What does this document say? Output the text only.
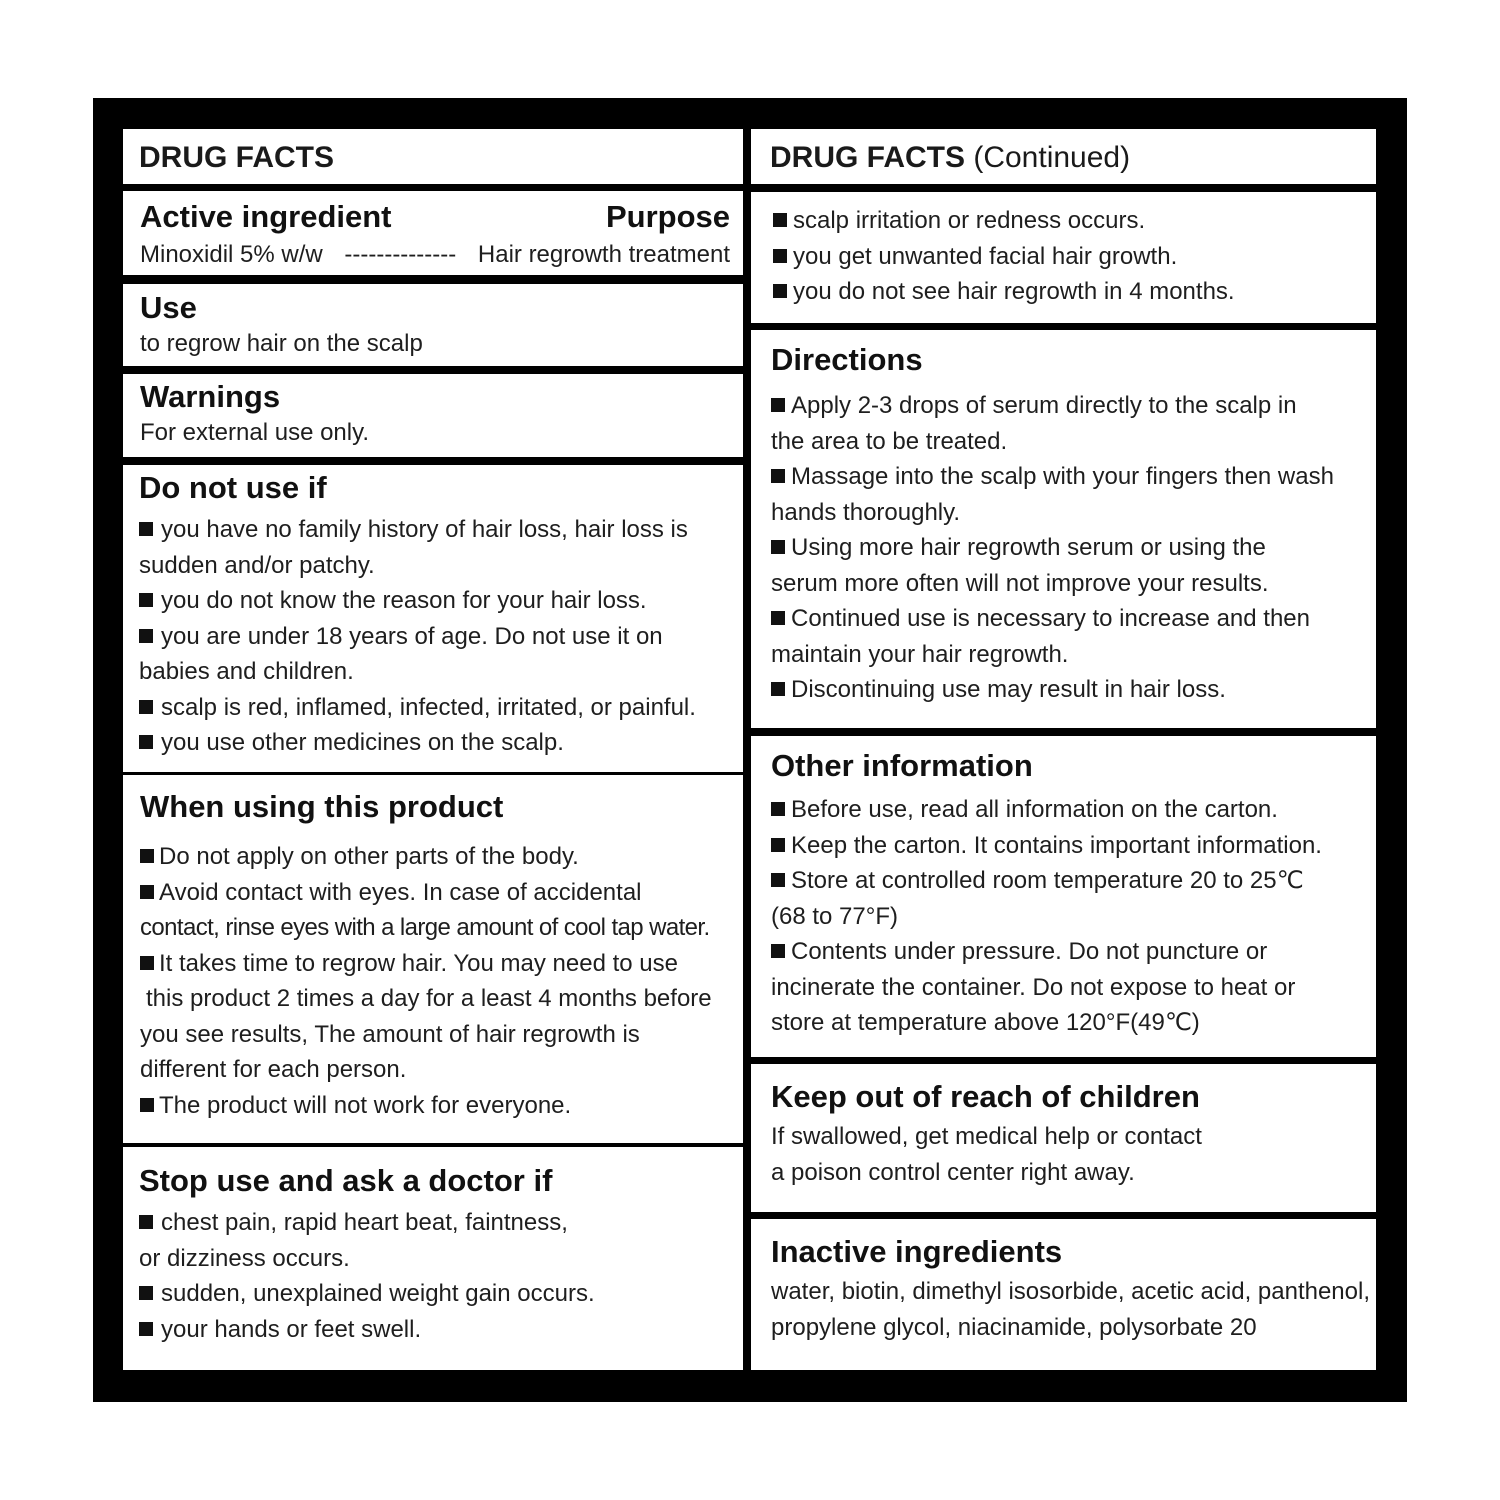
DRUG FACTS
Active ingredient	Purpose
Minoxidil 5% w/w -------------- Hair regrowth treatment
Use
to regrow hair on the scalp
Warnings
For external use only.
Do not use if

you have no family history of hair loss, hair loss is

sudden and/or patchy.

you do not know the reason for your hair loss.

you are under 18 years of age. Do not use it on

babies and children.

scalp is red, inflamed, infected, irritated, or painful.

you use other medicines on the scalp.

When using this product

Do not apply on other parts of the body.

Avoid contact with eyes. In case of accidental

contact, rinse eyes with a large amount of cool tap water.

It takes time to regrow hair. You may need to use

this product 2 times a day for a least 4 months before

you see results, The amount of hair regrowth is

different for each person.

The product will not work for everyone.

Stop use and ask a doctor if

chest pain, rapid heart beat, faintness,

or dizziness occurs.

sudden, unexplained weight gain occurs.

your hands or feet swell.

DRUG FACTS (Continued)

scalp irritation or redness occurs.

you get unwanted facial hair growth.

you do not see hair regrowth in 4 months.

Directions

Apply 2-3 drops of serum directly to the scalp in

the area to be treated.

Massage into the scalp with your fingers then wash

hands thoroughly.

Using more hair regrowth serum or using the

serum more often will not improve your results.

Continued use is necessary to increase and then

maintain your hair regrowth.

Discontinuing use may result in hair loss.

Other information

Before use, read all information on the carton.

Keep the carton. It contains important information.

Store at controlled room temperature 20 to 25℃

(68 to 77°F)

Contents under pressure. Do not puncture or

incinerate the container. Do not expose to heat or

store at temperature above 120°F(49℃)

Keep out of reach of children

If swallowed, get medical help or contact

a poison control center right away.

Inactive ingredients

water, biotin, dimethyl isosorbide, acetic acid, panthenol,

propylene glycol, niacinamide, polysorbate 20
